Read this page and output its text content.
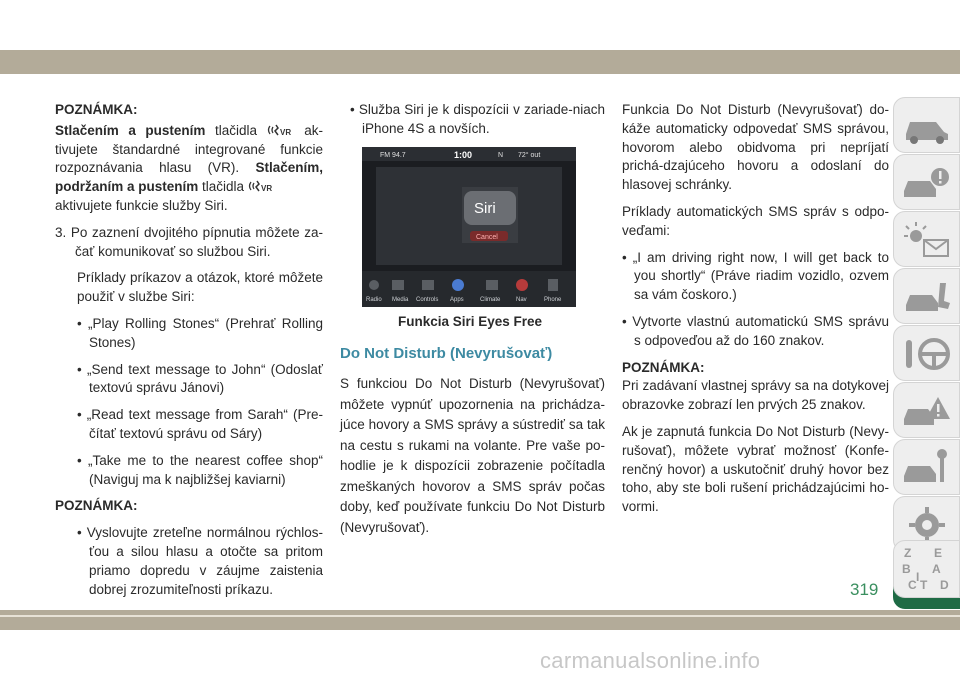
POZNÁMKA:

Stlačením a pustením tlačidla	VR ak-tivujete štandardné integrované funkcie rozpoznávania hlasu (VR). Stlačením, podržaním a pustením tlačidla VR

aktivujete funkcie služby Siri.

3. Po zaznení dvojitého pípnutia môžete za-čať komunikovať so službou Siri.

Príklady príkazov a otázok, ktoré môžete použiť v službe Siri:

• „Play Rolling Stones“ (Prehrať Rolling Stones)

• „Send text message to John“ (Odoslať textovú správu Jánovi)

• „Read text message from Sarah“ (Pre-čítať textovú správu od Sáry)

• „Take me to the nearest coffee shop“ (Naviguj ma k najbližšej kaviarni)

POZNÁMKA:

• Vyslovujte zreteľne normálnou rýchlos-ťou a silou hlasu a otočte sa pritom priamo dopredu v záujme zaistenia dobrej zrozumiteľnosti príkazu.

• Služba Siri je k dispozícii v zariade-niach iPhone 4S a novších.

FM 94.7	1:00	N 72° out
Siri
Cancel
Radio Media Controls Apps	Climate	Nav	Phone

Funkcia Siri Eyes Free

Do Not Disturb (Nevyrušovať)

S funkciou Do Not Disturb (Nevyrušovať) môžete vypnúť upozornenia na prichádza-júce hovory a SMS správy a sústrediť sa tak na cestu s rukami na volante. Pre vaše po-hodlie je k dispozícii zobrazenie počítadla zmeškaných hovorov a SMS správ počas doby, keď používate funkciu Do Not Disturb (Nevyrušovať).

Funkcia Do Not Disturb (Nevyrušovať) do-káže automaticky odpovedať SMS správou, hovorom alebo obidvoma pri nepríjatí prichá-dzajúceho hovoru a odoslaní do hlasovej schránky.

Príklady automatických SMS správ s odpo-veďami:

• „I am driving right now, I will get back to you shortly“ (Práve riadim vozidlo, ozvem sa vám čoskoro.)

• Vytvorte vlastnú automatickú SMS správu s odpoveďou až do 160 znakov.

POZNÁMKA:

Pri zadávaní vlastnej správy sa na dotykovej obrazovke zobrazí len prvých 25 znakov.

Ak je zapnutá funkcia Do Not Disturb (Nevy-rušovať), môžete vybrať možnosť (Konfe-renčný hovor) a uskutočniť druhý hovor bez toho, aby ste boli rušení prichádzajúcimi ho-vormi.

Z E
B A
C T
I
D
319
carmanualsonline.info
